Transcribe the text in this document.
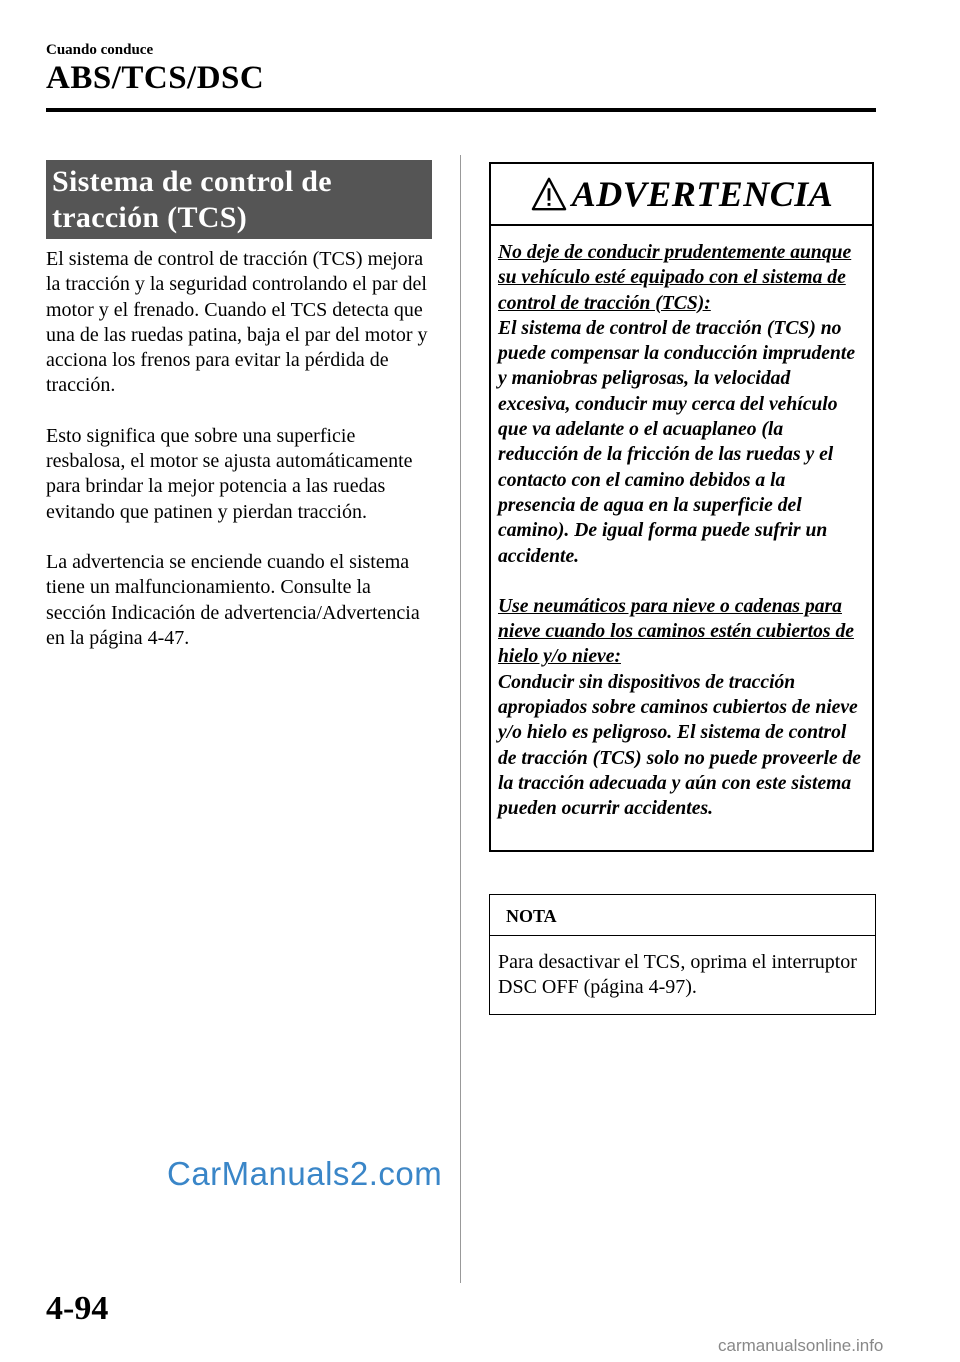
Cuando conduce
ABS/TCS/DSC
Sistema de control de
tracción (TCS)

El sistema de control de tracción (TCS) mejora la tracción y la seguridad controlando el par del motor y el frenado. Cuando el TCS detecta que una de las ruedas patina, baja el par del motor y acciona los frenos para evitar la pérdida de tracción.

Esto significa que sobre una superficie resbalosa, el motor se ajusta automáticamente para brindar la mejor potencia a las ruedas evitando que patinen y pierdan tracción.

La advertencia se enciende cuando el sistema tiene un malfuncionamiento. Consulte la sección Indicación de advertencia/Advertencia en la página 4-47.

ADVERTENCIA

No deje de conducir prudentemente aunque su vehículo esté equipado con el sistema de control de tracción (TCS):
El sistema de control de tracción (TCS) no puede compensar la conducción imprudente y maniobras peligrosas, la velocidad excesiva, conducir muy cerca del vehículo que va adelante o el acuaplaneo (la reducción de la fricción de las ruedas y el contacto con el camino debidos a la presencia de agua en la superficie del camino). De igual forma puede sufrir un accidente.

Use neumáticos para nieve o cadenas para nieve cuando los caminos estén cubiertos de hielo y/o nieve:
Conducir sin dispositivos de tracción apropiados sobre caminos cubiertos de nieve y/o hielo es peligroso. El sistema de control de tracción (TCS) solo no puede proveerle de la tracción adecuada y aún con este sistema pueden ocurrir accidentes.

NOTA
Para desactivar el TCS, oprima el interruptor DSC OFF (página 4-97).
CarManuals2.com
4-94
carmanualsonline.info
